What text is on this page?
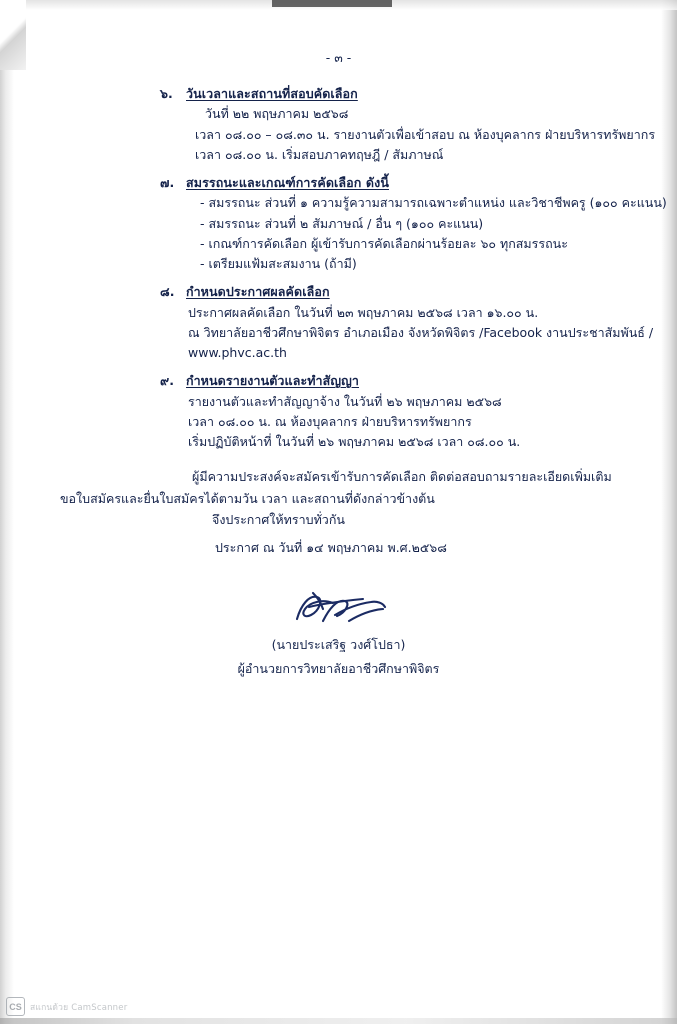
- ๓ -
๖.	วันเวลาและสถานที่สอบคัดเลือก
วันที่ ๒๒ พฤษภาคม ๒๕๖๘
เวลา ๐๘.๐๐ – ๐๘.๓๐ น. รายงานตัวเพื่อเข้าสอบ ณ ห้องบุคลากร ฝ่ายบริหารทรัพยากร
เวลา ๐๘.๐๐ น. เริ่มสอบภาคทฤษฎี / สัมภาษณ์
๗. สมรรถนะและเกณฑ์การคัดเลือก ดังนี้
- สมรรถนะ ส่วนที่ ๑ ความรู้ความสามารถเฉพาะตำแหน่ง และวิชาชีพครู (๑๐๐ คะแนน)
- สมรรถนะ ส่วนที่ ๒ สัมภาษณ์ / อื่น ๆ (๑๐๐ คะแนน)
- เกณฑ์การคัดเลือก ผู้เข้ารับการคัดเลือกผ่านร้อยละ ๖๐ ทุกสมรรถนะ
- เตรียมแฟ้มสะสมงาน (ถ้ามี)
๘. กำหนดประกาศผลคัดเลือก
ประกาศผลคัดเลือก ในวันที่ ๒๓ พฤษภาคม ๒๕๖๘ เวลา ๑๖.๐๐ น.
ณ วิทยาลัยอาชีวศึกษาพิจิตร อำเภอเมือง จังหวัดพิจิตร /Facebook งานประชาสัมพันธ์ /
www.phvc.ac.th
๙. กำหนดรายงานตัวและทำสัญญา
รายงานตัวและทำสัญญาจ้าง ในวันที่ ๒๖ พฤษภาคม ๒๕๖๘
เวลา ๐๘.๐๐ น. ณ ห้องบุคลากร ฝ่ายบริหารทรัพยากร
เริ่มปฏิบัติหน้าที่ ในวันที่ ๒๖ พฤษภาคม ๒๕๖๘ เวลา ๐๘.๐๐ น.
ผู้มีความประสงค์จะสมัครเข้ารับการคัดเลือก ติดต่อสอบถามรายละเอียดเพิ่มเติม
ขอใบสมัครและยื่นใบสมัครได้ตามวัน เวลา และสถานที่ดังกล่าวข้างต้น
จึงประกาศให้ทราบทั่วกัน
ประกาศ ณ วันที่ ๑๔ พฤษภาคม พ.ศ.๒๕๖๘
(นายประเสริฐ วงศ์โปธา)
ผู้อำนวยการวิทยาลัยอาชีวศึกษาพิจิตร
CS สแกนด้วย CamScanner
